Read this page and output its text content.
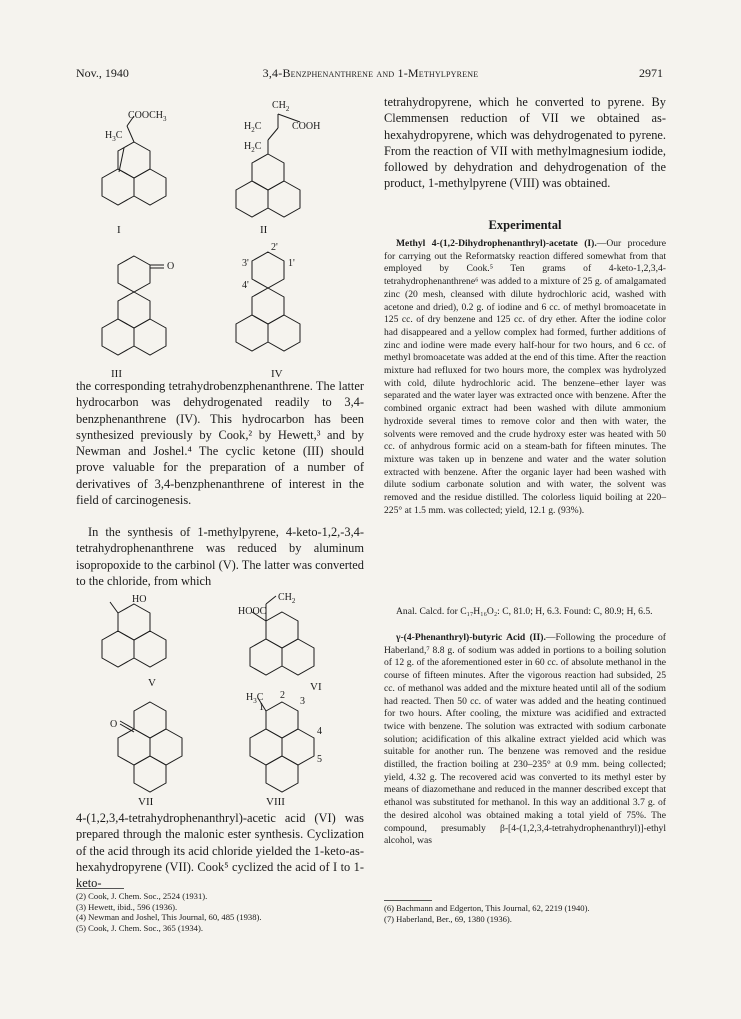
Nov., 1940	3,4-Benzphenanthrene and 1-Methylpyrene	2971
$COOCH_3$
$H_3C$
I
$CH_2$
$H_2C$	COOH
$H_2C$
II
O
III
2'
3'	1'
4'
IV

the corresponding tetrahydrobenzphenanthrene. The latter hydrocarbon was dehydrogenated readily to 3,4-benzphenanthrene (IV). This hydrocarbon has been synthesized previously by Cook,² by Hewett,³ and by Newman and Joshel.⁴ The cyclic ketone (III) should prove valuable for the preparation of a number of derivatives of 3,4-benzphenanthrene of interest in the field of carcinogenesis.

In the synthesis of 1-methylpyrene, 4-keto-1,2,-3,4-tetrahydrophenanthrene was reduced by aluminum isopropoxide to the carbinol (V). The latter was converted to the chloride, from which

HO
V
HOOC
$CH_2$
VI
O
VII
$H_3C$
1
2
3
4
5
VIII

4-(1,2,3,4-tetrahydrophenanthryl)-acetic acid (VI) was prepared through the malonic ester synthesis. Cyclization of the acid through its acid chloride yielded the 1-keto-as-hexahydropyrene (VII). Cook⁵ cyclized the acid of I to 1-keto-

(2) Cook, J. Chem. Soc., 2524 (1931).
(3) Hewett, ibid., 596 (1936).
(4) Newman and Joshel, This Journal, 60, 485 (1938).
(5) Cook, J. Chem. Soc., 365 (1934).

tetrahydropyrene, which he converted to pyrene. By Clemmensen reduction of VII we obtained as-hexahydropyrene, which was dehydrogenated to pyrene. From the reaction of VII with methylmagnesium iodide, followed by dehydration and dehydrogenation of the product, 1-methylpyrene (VIII) was obtained.

Experimental

Methyl 4-(1,2-Dihydrophenanthryl)-acetate (I).—Our procedure for carrying out the Reformatsky reaction differed somewhat from that employed by Cook.⁵ Ten grams of 4-keto-1,2,3,4-tetrahydrophenanthrene⁶ was added to a mixture of 25 g. of amalgamated zinc (20 mesh, cleansed with dilute hydrochloric acid, washed with acetone and dried), 0.2 g. of iodine and 6 cc. of methyl bromoacetate in 125 cc. of dry benzene and 125 cc. of dry ether. After the iodine color had disappeared and a yellow complex had formed, further additions of zinc and iodine were made every half-hour for two hours, and 6 cc. of methyl bromoacetate was added at the end of this time. After the reaction mixture had refluxed for two hours more, the complex was hydrolyzed with cold, dilute hydrochloric acid. The benzene–ether layer was separated and the water layer was extracted once with benzene. After the combined organic extract had been washed with dilute ammonium hydroxide several times to remove color and then with water, the solvents were removed and the crude hydroxy ester was heated with 50 cc. of anhydrous formic acid on a steam-bath for fifteen minutes. The mixture was taken up in benzene and water and the water solution extracted with benzene. After the organic layer had been washed with dilute sodium carbonate solution and with water, the solvent was removed and the residue distilled. The colorless liquid boiling at 220–225° at 1.5 mm. was collected; yield, 12.1 g. (93%).

Anal. Calcd. for C₁₇H₁₆O₂: C, 81.0; H, 6.3. Found: C, 80.9; H, 6.5.

γ-(4-Phenanthryl)-butyric Acid (II).—Following the procedure of Haberland,⁷ 8.8 g. of sodium was added in portions to a boiling solution of 12 g. of the aforementioned ester in 60 cc. of absolute methanol in the course of fifteen minutes. After the vigorous reaction had subsided, 25 cc. of methanol was added and the mixture heated until all of the sodium had reacted. Then 50 cc. of water was added and the heating continued for two hours. After cooling, the mixture was acidified and extracted twice with benzene. The solution was extracted with sodium carbonate solution; acidification of this alkaline extract yielded acid which was suitable for another run. The benzene was removed and the residue distilled, the fraction boiling at 230–235° at 0.9 mm. being collected; yield, 4.32 g. The recovered acid was converted to its methyl ester by means of diazomethane and reduced in the manner described except that ethanol was substituted for methanol. In this way an additional 3.7 g. of the desired alcohol was obtained making a total yield of 75%. The compound, presumably β-[4-(1,2,3,4-tetrahydrophenanthryl)]-ethyl alcohol, was

(6) Bachmann and Edgerton, This Journal, 62, 2219 (1940).
(7) Haberland, Ber., 69, 1380 (1936).
